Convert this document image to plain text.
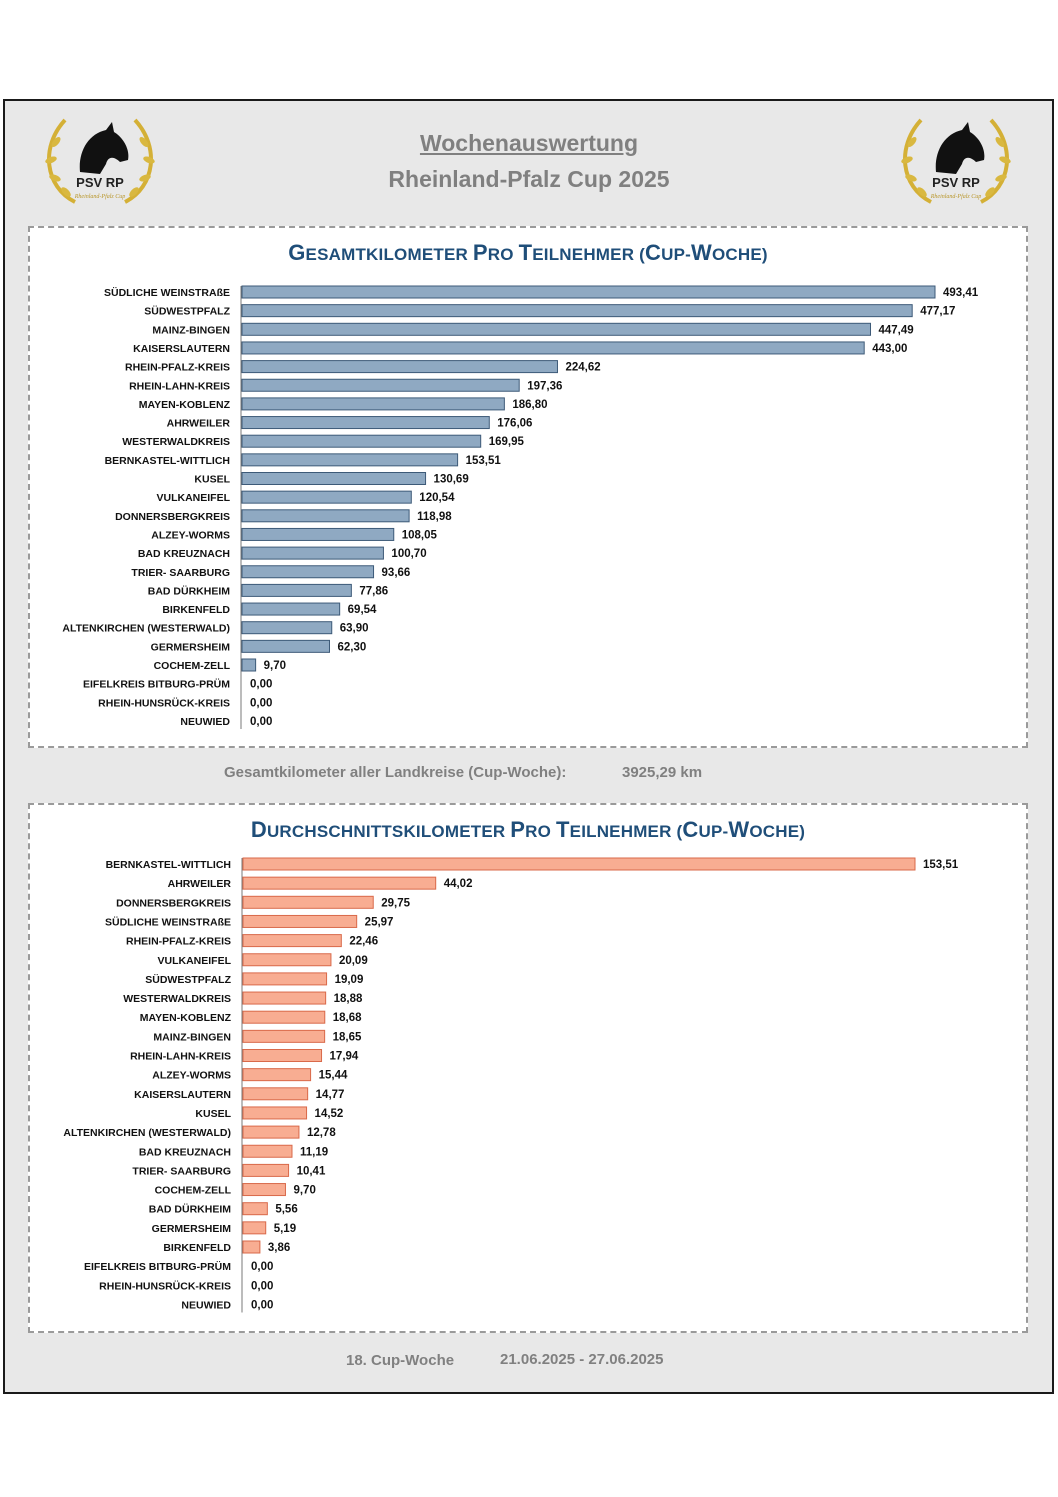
PSV RP
Rheinland-Pfalz Cup
PSV RP
Rheinland-Pfalz Cup
Wochenauswertung
Rheinland-Pfalz Cup 2025
GESAMTKILOMETER PRO TEILNEHMER (CUP-WOCHE)
SÜDLICHE WEINSTRAßE	493,41
SÜDWESTPFALZ	477,17
MAINZ-BINGEN	447,49
KAISERSLAUTERN	443,00
RHEIN-PFALZ-KREIS	224,62
RHEIN-LAHN-KREIS	197,36
MAYEN-KOBLENZ	186,80
AHRWEILER	176,06
WESTERWALDKREIS	169,95
BERNKASTEL-WITTLICH	153,51
KUSEL	130,69
VULKANEIFEL	120,54
DONNERSBERGKREIS	118,98
ALZEY-WORMS	108,05
BAD KREUZNACH	100,70
TRIER- SAARBURG	93,66
BAD DÜRKHEIM	77,86
BIRKENFELD	69,54
ALTENKIRCHEN (WESTERWALD)	63,90
GERMERSHEIM	62,30
COCHEM-ZELL	9,70
EIFELKREIS BITBURG-PRÜM 0,00
RHEIN-HUNSRÜCK-KREIS 0,00
NEUWIED 0,00
Gesamtkilometer aller Landkreise (Cup-Woche):	3925,29 km
DURCHSCHNITTSKILOMETER PRO TEILNEHMER (CUP-WOCHE)
BERNKASTEL-WITTLICH	153,51
AHRWEILER	44,02
DONNERSBERGKREIS	29,75
SÜDLICHE WEINSTRAßE	25,97
RHEIN-PFALZ-KREIS	22,46
VULKANEIFEL	20,09
SÜDWESTPFALZ	19,09
WESTERWALDKREIS	18,88
MAYEN-KOBLENZ	18,68
MAINZ-BINGEN	18,65
RHEIN-LAHN-KREIS	17,94
ALZEY-WORMS	15,44
KAISERSLAUTERN	14,77
KUSEL	14,52
ALTENKIRCHEN (WESTERWALD)	12,78
BAD KREUZNACH	11,19
TRIER- SAARBURG	10,41
COCHEM-ZELL	9,70
BAD DÜRKHEIM	5,56
GERMERSHEIM	5,19
BIRKENFELD	3,86
EIFELKREIS BITBURG-PRÜM 0,00
RHEIN-HUNSRÜCK-KREIS 0,00
NEUWIED 0,00
18. Cup-Woche	21.06.2025 - 27.06.2025
